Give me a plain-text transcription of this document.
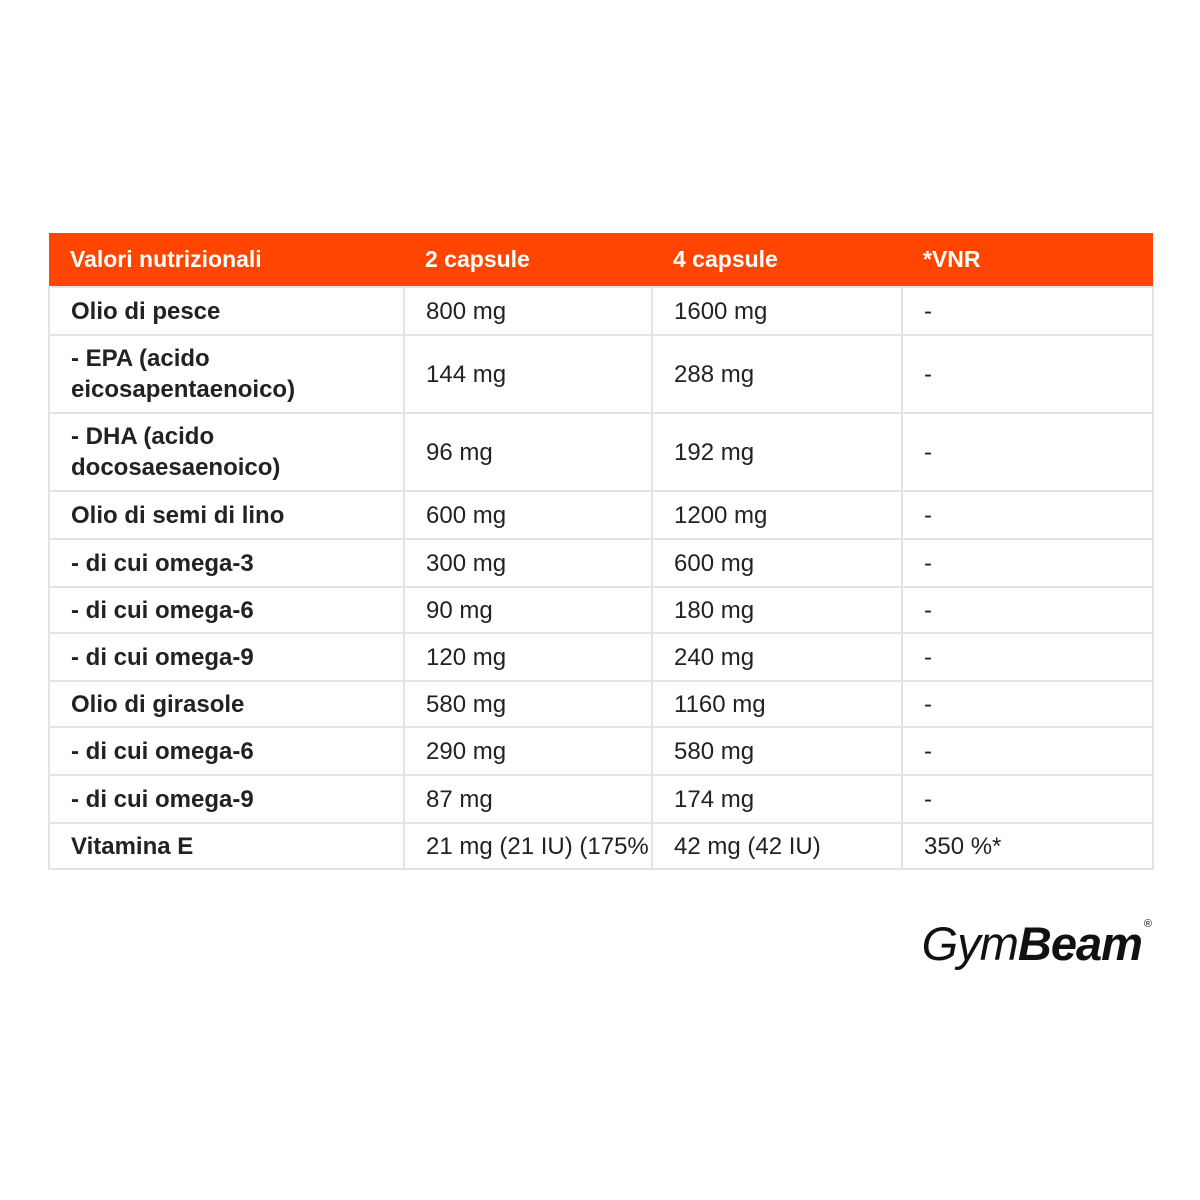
Valori nutrizionali	2 capsule	4 capsule	*VNR
Olio di pesce	800 mg	1600 mg	-
- EPA (acido eicosapentaenoico)	144 mg	288 mg	-
- DHA (acido docosaesaenoico)	96 mg	192 mg	-
Olio di semi di lino	600 mg	1200 mg	-
- di cui omega-3	300 mg	600 mg	-
- di cui omega-6	90 mg	180 mg	-
- di cui omega-9	120 mg	240 mg	-
Olio di girasole	580 mg	1160 mg	-
- di cui omega-6	290 mg	580 mg	-
- di cui omega-9	87 mg	174 mg	-
Vitamina E	21 mg (21 IU) (175%	42 mg (42 IU)	350 %*
GymBeam ®
